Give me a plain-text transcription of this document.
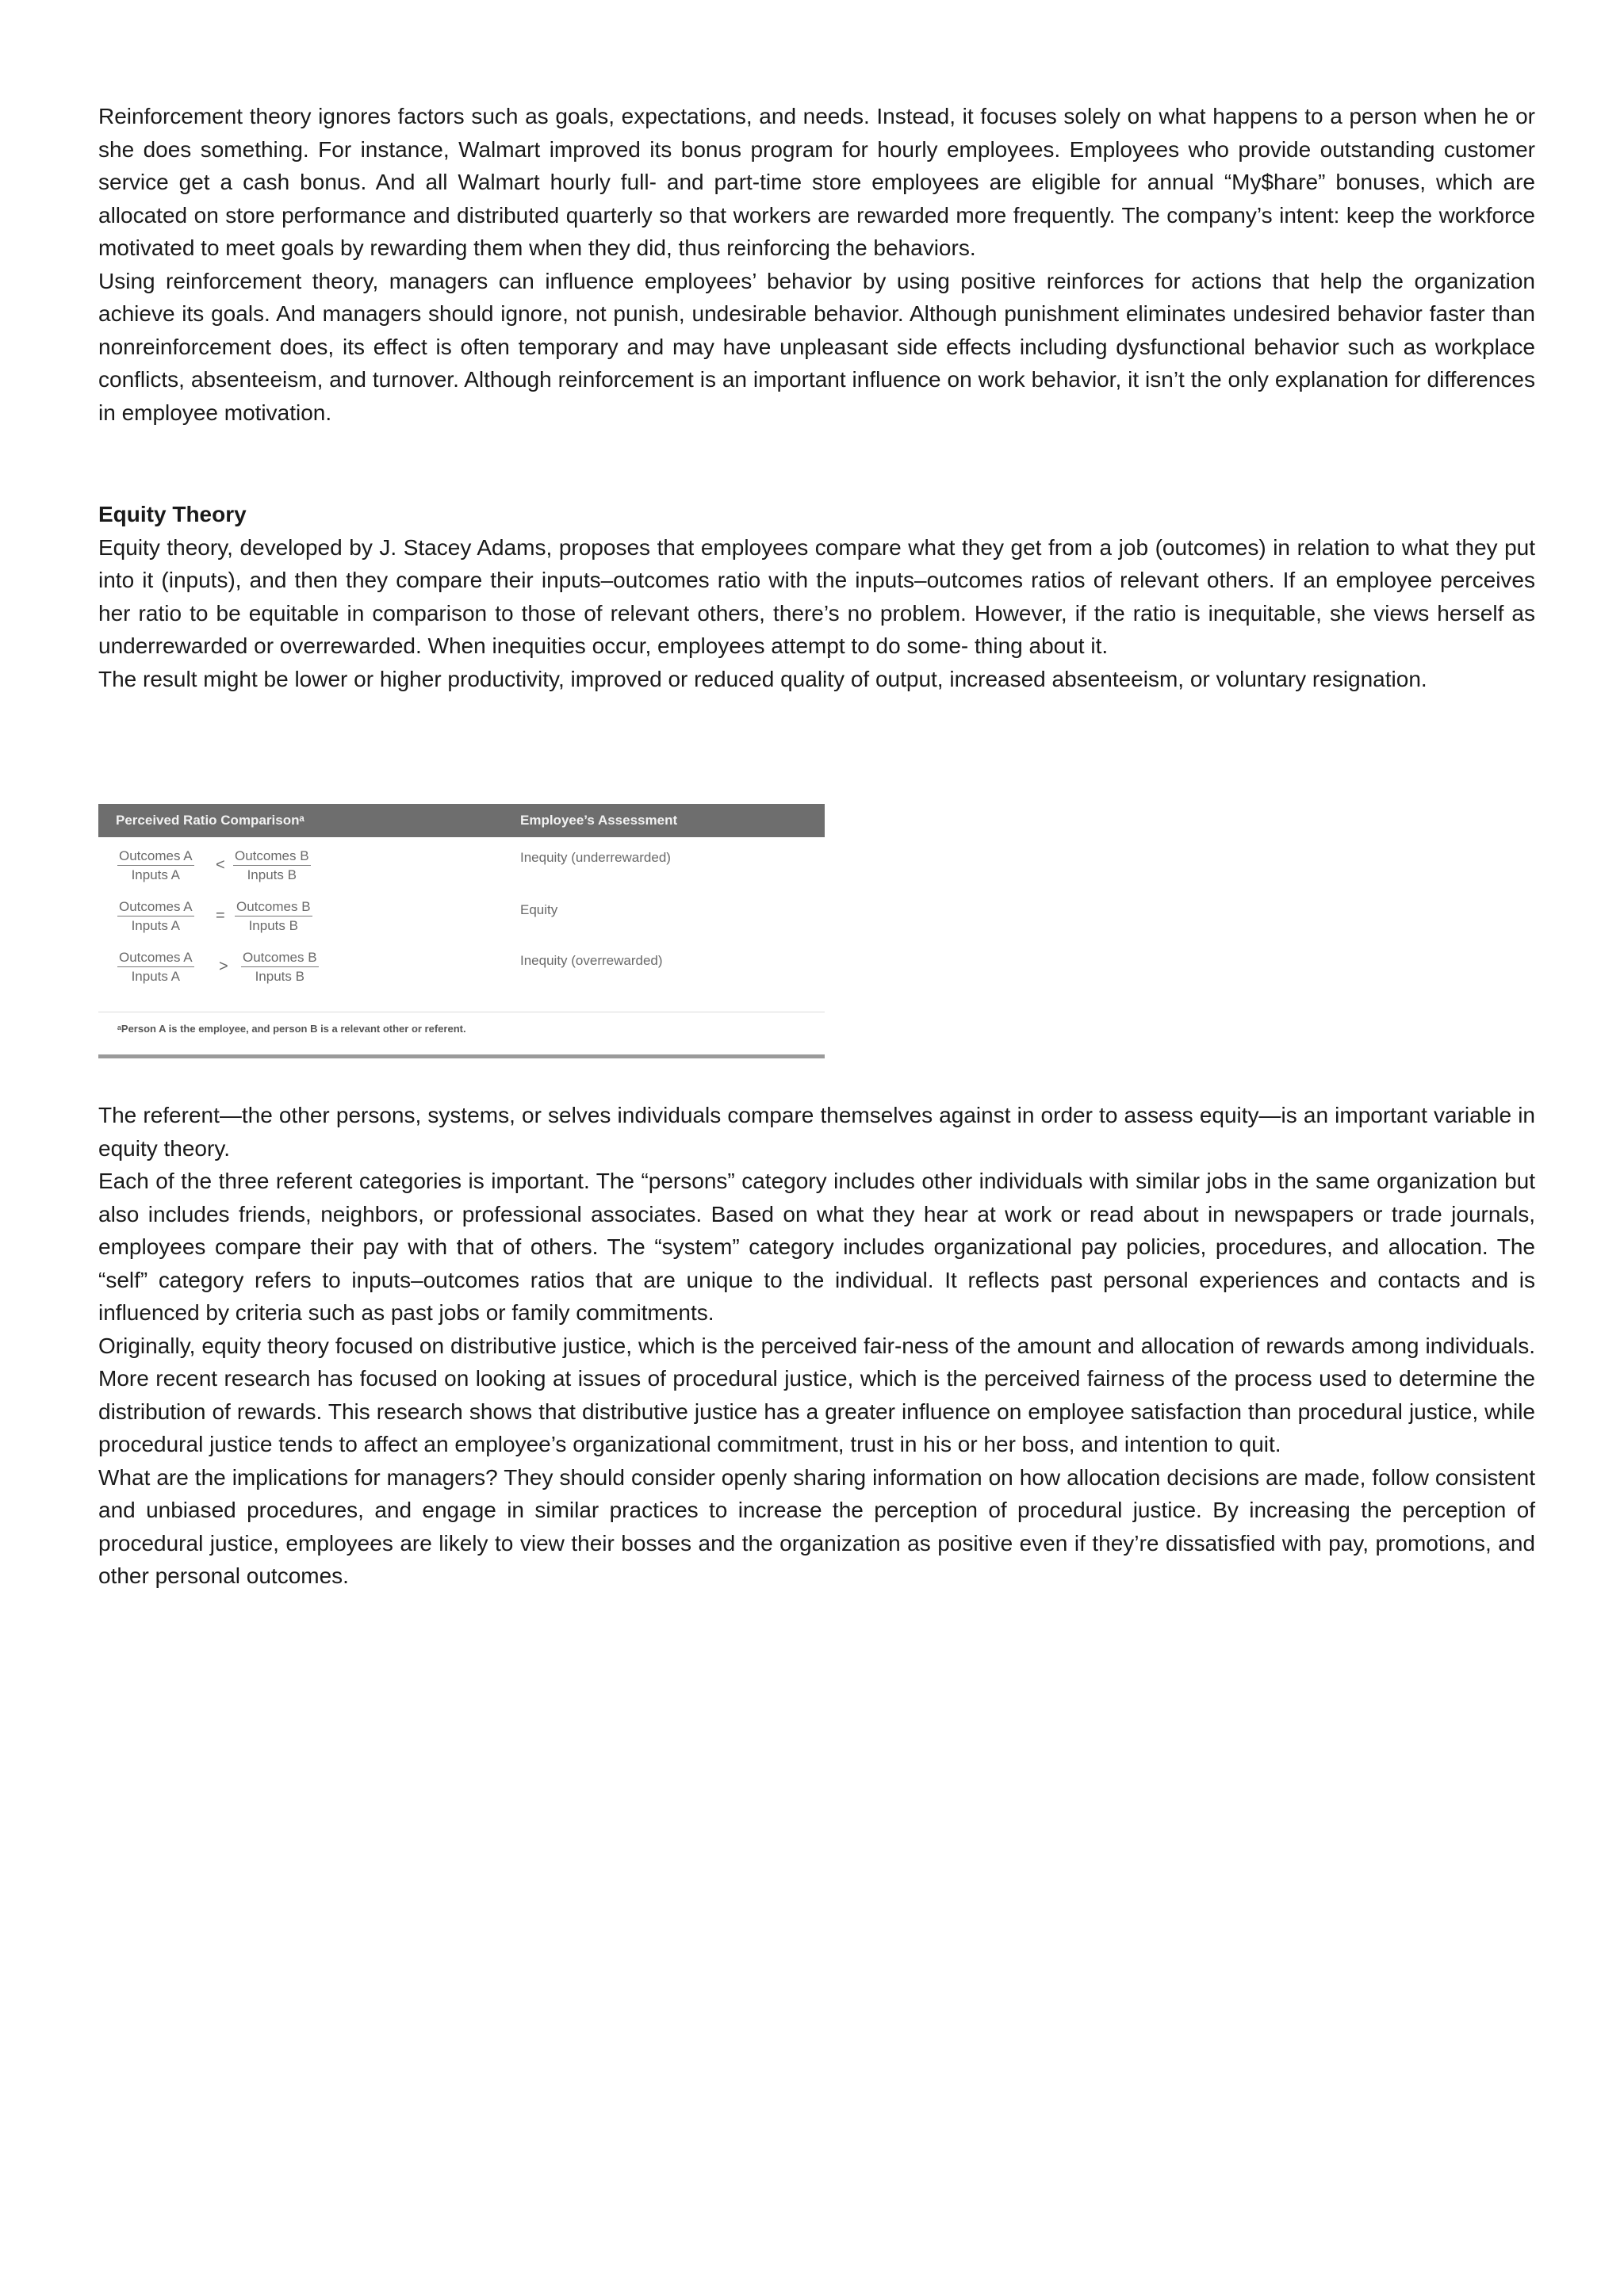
Reinforcement theory ignores factors such as goals, expectations, and needs. Instead, it focuses solely on what happens to a person when he or she does something. For instance, Walmart improved its bonus program for hourly employees. Employees who provide outstanding customer service get a cash bonus. And all Walmart hourly full- and part-time store employees are eligible for annual “My$hare” bonuses, which are allocated on store performance and distributed quarterly so that workers are rewarded more frequently. The company’s intent: keep the workforce motivated to meet goals by rewarding them when they did, thus reinforcing the behaviors.

Using reinforcement theory, managers can influence employees’ behavior by using positive reinforces for actions that help the organization achieve its goals. And managers should ignore, not punish, undesirable behavior. Although punishment eliminates undesired behavior faster than nonreinforcement does, its effect is often temporary and may have unpleasant side effects including dysfunctional behavior such as workplace conflicts, absenteeism, and turnover. Although reinforcement is an important influence on work behavior, it isn’t the only explanation for differences in employee motivation.

Equity Theory

Equity theory, developed by J. Stacey Adams, proposes that employees compare what they get from a job (outcomes) in relation to what they put into it (inputs), and then they compare their inputs–outcomes ratio with the inputs–outcomes ratios of relevant others. If an employee perceives her ratio to be equitable in comparison to those of relevant others, there’s no problem. However, if the ratio is inequitable, she views herself as underrewarded or overrewarded. When inequities occur, employees attempt to do some- thing about it.

The result might be lower or higher productivity, improved or reduced quality of output, increased absenteeism, or voluntary resignation.

Perceived Ratio Comparisonᵃ	Employee’s Assessment
Outcomes A
Inputs A
<
Outcomes B
Inputs B
Inequity (underrewarded)
Outcomes A
Inputs A
=
Outcomes B
Inputs B
Equity
Outcomes A
Inputs A
>
Outcomes B
Inputs B
Inequity (overrewarded)
ᵃPerson A is the employee, and person B is a relevant other or referent.

The referent—the other persons, systems, or selves individuals compare themselves against in order to assess equity—is an important variable in equity theory.

Each of the three referent categories is important. The “persons” category includes other individuals with similar jobs in the same organization but also includes friends, neighbors, or professional associates. Based on what they hear at work or read about in newspapers or trade journals, employees compare their pay with that of others. The “system” category includes organizational pay policies, procedures, and allocation. The “self” category refers to inputs–outcomes ratios that are unique to the individual. It reflects past personal experiences and contacts and is influenced by criteria such as past jobs or family commitments.

Originally, equity theory focused on distributive justice, which is the perceived fair-ness of the amount and allocation of rewards among individuals. More recent research has focused on looking at issues of procedural justice, which is the perceived fairness of the process used to determine the distribution of rewards. This research shows that distributive justice has a greater influence on employee satisfaction than procedural justice, while procedural justice tends to affect an employee’s organizational commitment, trust in his or her boss, and intention to quit.

What are the implications for managers? They should consider openly sharing information on how allocation decisions are made, follow consistent and unbiased procedures, and engage in similar practices to increase the perception of procedural justice. By increasing the perception of procedural justice, employees are likely to view their bosses and the organization as positive even if they’re dissatisfied with pay, promotions, and other personal outcomes.
